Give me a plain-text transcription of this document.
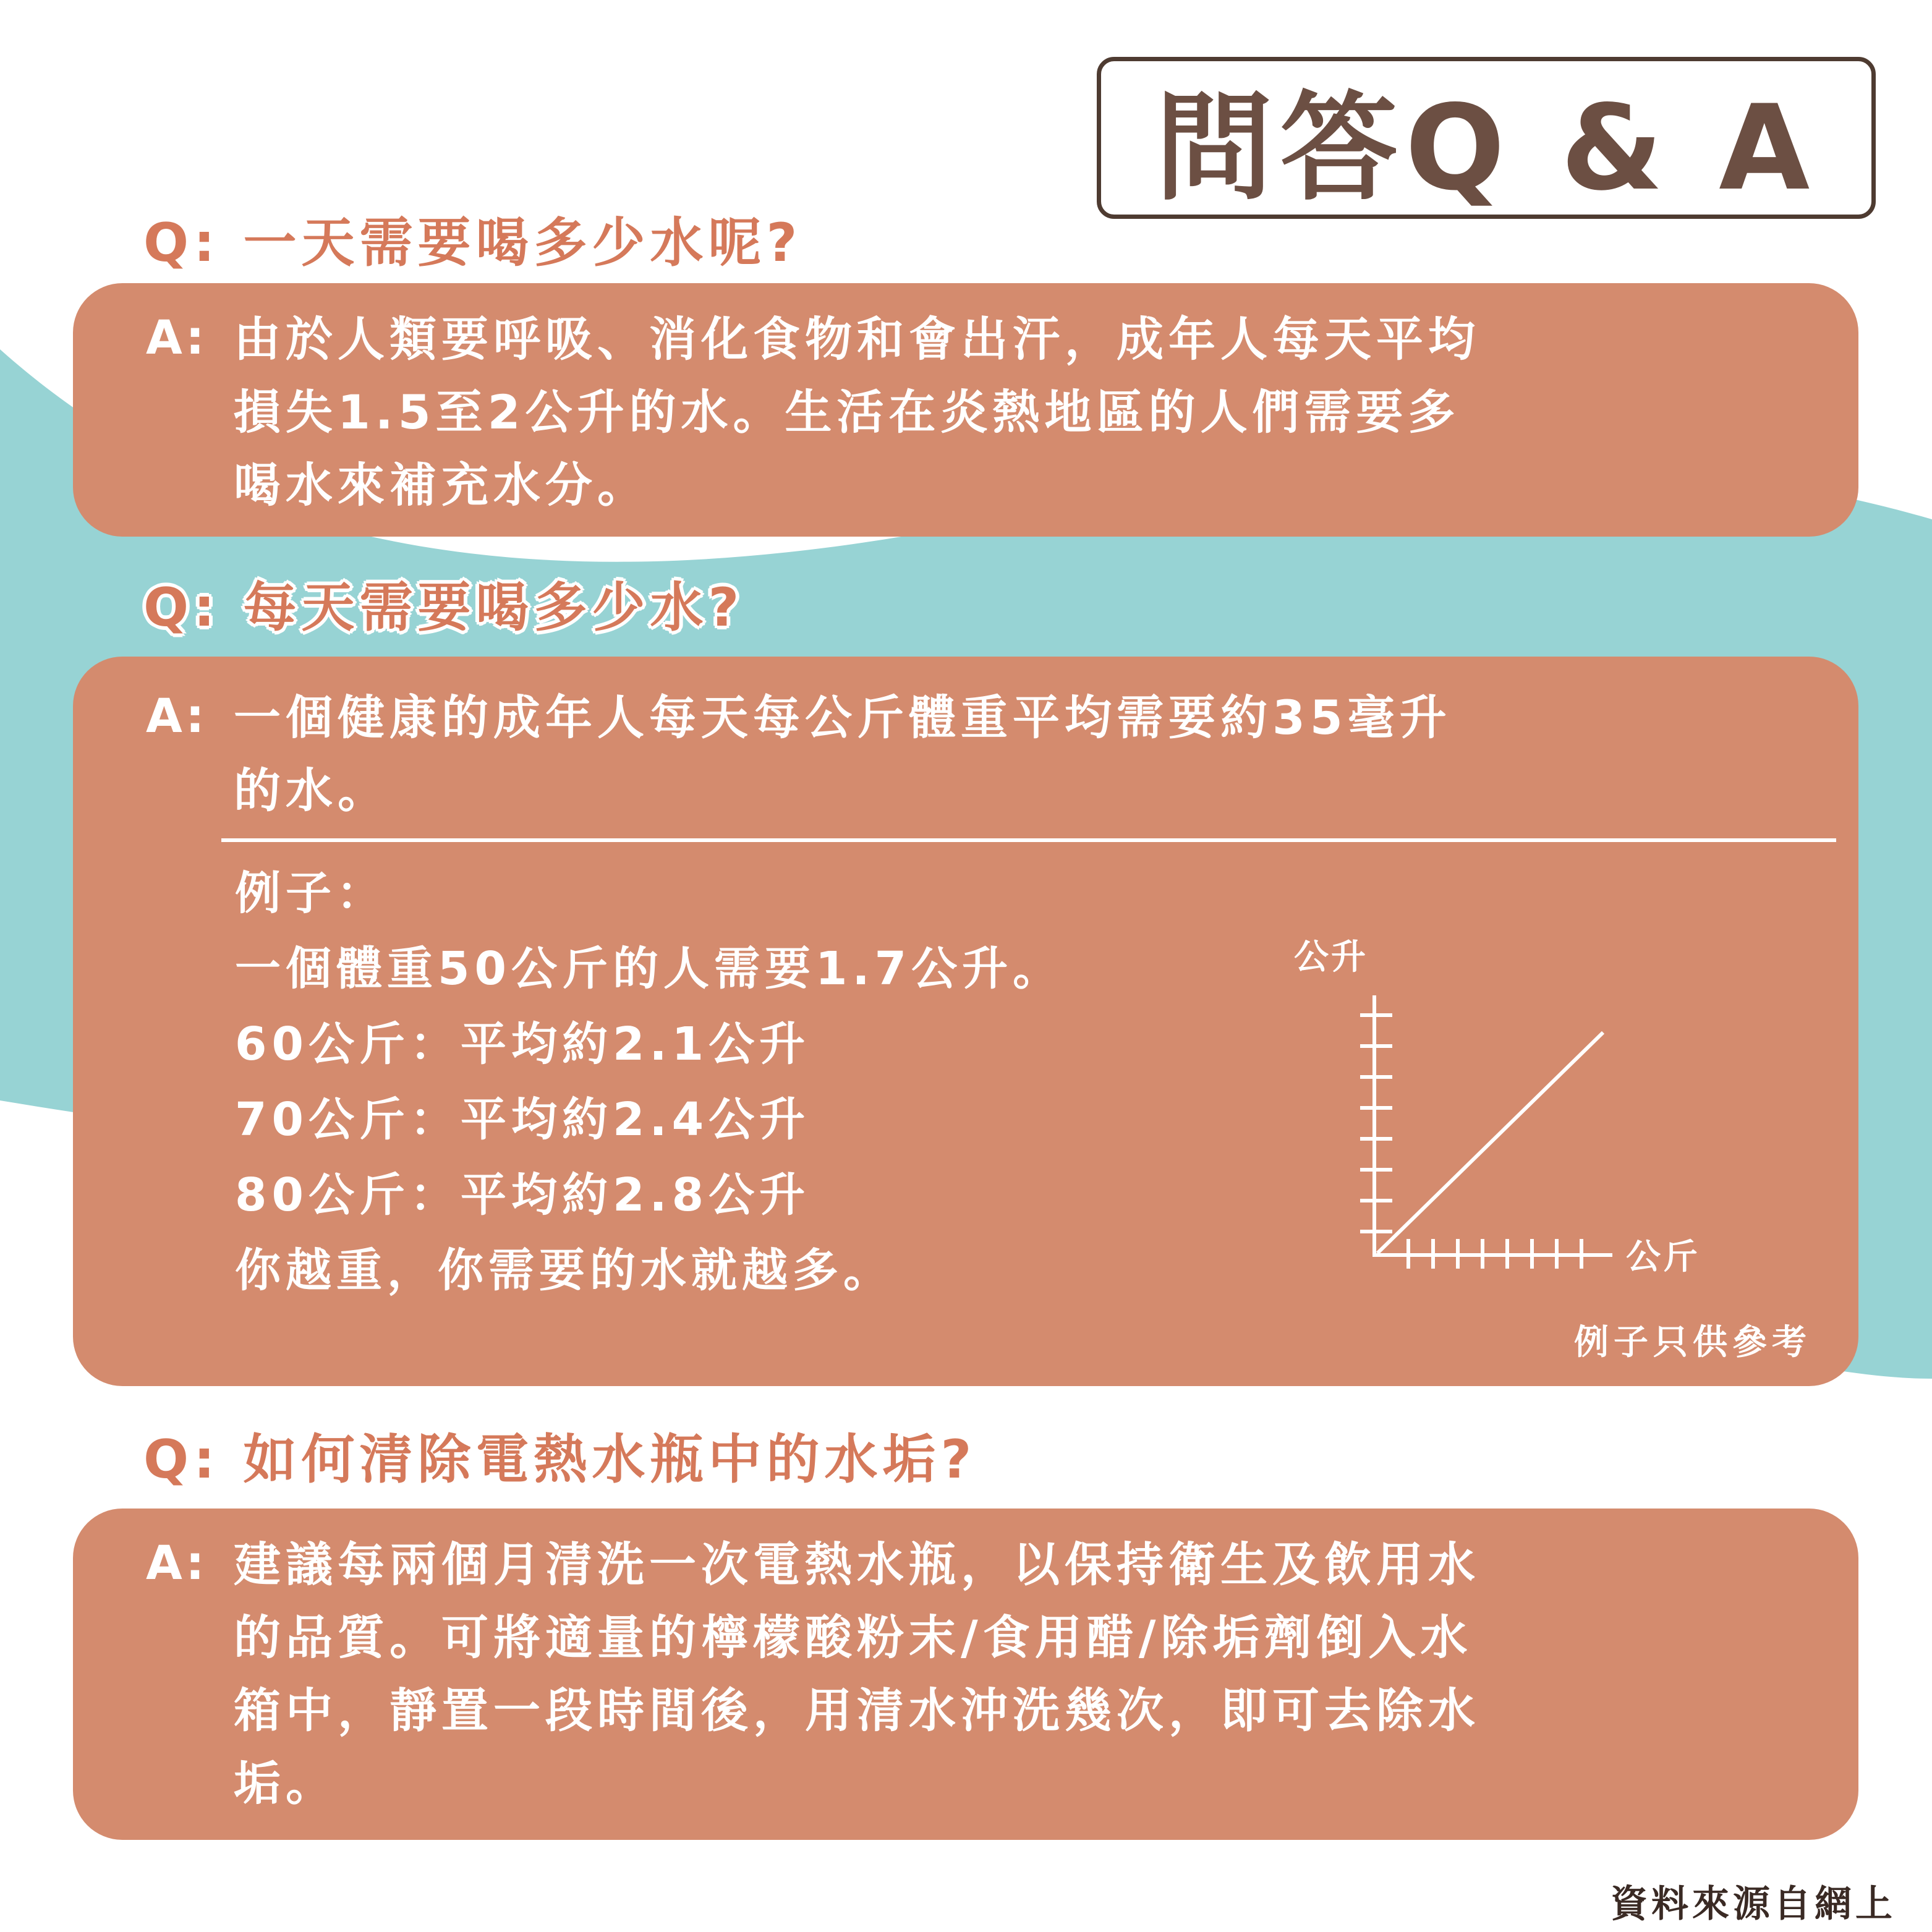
問答Q & A
Q: 一天需要喝多少水呢?
A: 由於人類要呼吸、消化食物和會出汗，成年人每天平均
損失1.5至2公升的水。生活在炎熱地區的人們需要多
喝水來補充水分。

Q: 每天需要喝多少水?
A: 一個健康的成年人每天每公斤體重平均需要約35毫升
的水。

例子：
一個體重50公斤的人需要1.7公升。
60公斤：平均約2.1公升
70公斤：平均約2.4公升
80公斤：平均約2.8公升
你越重，你需要的水就越多。
公升
公斤
例子只供參考
Q: 如何清除電熱水瓶中的水垢?
A: 建議每兩個月清洗一次電熱水瓶，以保持衛生及飲用水
的品質。可將適量的檸檬酸粉末/食用醋/除垢劑倒入水
箱中，靜置一段時間後，用清水沖洗幾次，即可去除水
垢。

資料來源自網上
